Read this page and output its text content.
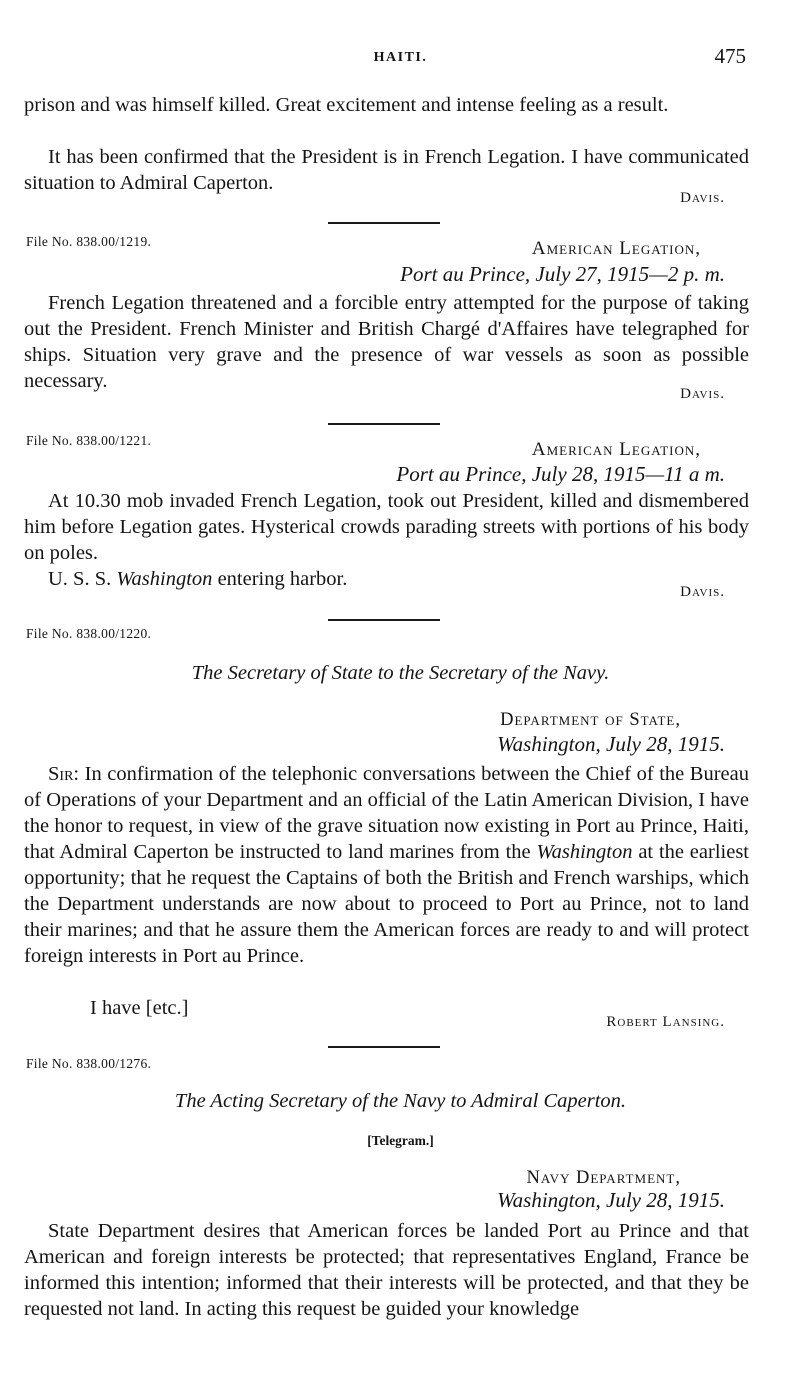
HAITI.	475

prison and was himself killed. Great excitement and intense feeling as a result.

It has been confirmed that the President is in French Legation. I have communicated situation to Admiral Caperton.

Davis.
File No. 838.00/1219.	American Legation,
Port au Prince, July 27, 1915—2 p. m.

French Legation threatened and a forcible entry attempted for the purpose of taking out the President. French Minister and British Chargé d'Affaires have telegraphed for ships. Situation very grave and the presence of war vessels as soon as possible necessary.

Davis.
File No. 838.00/1221.	American Legation,
Port au Prince, July 28, 1915—11 a m.

At 10.30 mob invaded French Legation, took out President, killed and dismembered him before Legation gates. Hysterical crowds parading streets with portions of his body on poles.

U. S. S. Washington entering harbor.

Davis.
File No. 838.00/1220.
The Secretary of State to the Secretary of the Navy.
Department of State,
Washington, July 28, 1915.

Sir: In confirmation of the telephonic conversations between the Chief of the Bureau of Operations of your Department and an official of the Latin American Division, I have the honor to request, in view of the grave situation now existing in Port au Prince, Haiti, that Admiral Caperton be instructed to land marines from the Washington at the earliest opportunity; that he request the Captains of both the British and French warships, which the Department understands are now about to proceed to Port au Prince, not to land their marines; and that he assure them the American forces are ready to and will protect foreign interests in Port au Prince.

I have [etc.]

Robert Lansing.
File No. 838.00/1276.
The Acting Secretary of the Navy to Admiral Caperton.
[Telegram.]
Navy Department,
Washington, July 28, 1915.

State Department desires that American forces be landed Port au Prince and that American and foreign interests be protected; that representatives England, France be informed this intention; informed that their interests will be protected, and that they be requested not land. In acting this request be guided your knowledge
